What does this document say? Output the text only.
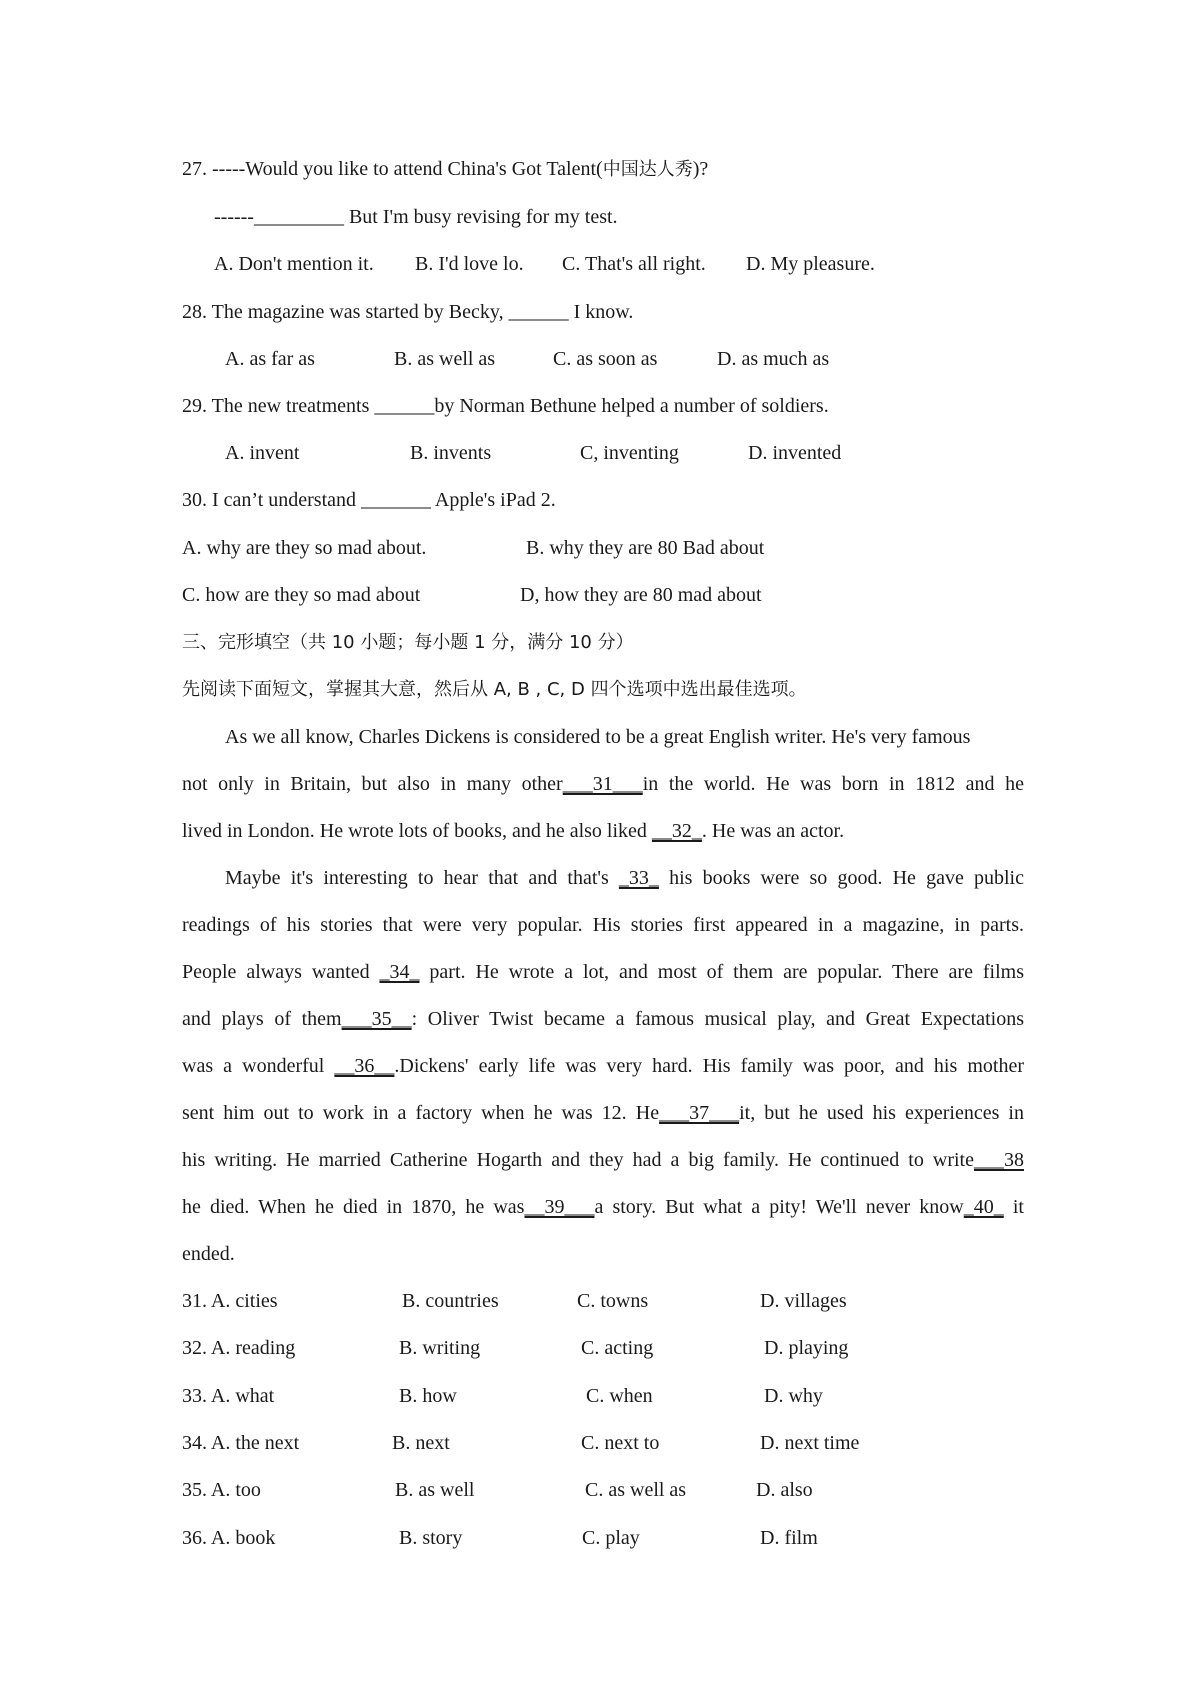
27. -----Would you like to attend China's Got Talent(中国达人秀)?
------_________ But I'm busy revising for my test.
A. Don't mention it. B. I'd love lo. C. That's all right. D. My pleasure.
28. The magazine was started by Becky, ______ I know.
A. as far as	B. as well as	C. as soon as	D. as much as
29. The new treatments ______by Norman Bethune helped a number of soldiers.
A. invent	B. invents	C, inventing	D. invented
30. I can’t understand _______ Apple's iPad 2.
A. why are they so mad about.	B. why they are 80 Bad about
C. how are they so mad about	D, how they are 80 mad about
三、完形填空（共 10 小题；每小题 1 分，满分 10 分）
先阅读下面短文，掌握其大意，然后从 A, B , C, D 四个选项中选出最佳选项。
As we all know, Charles Dickens is considered to be a great English writer. He's very famous
not only in Britain, but also in many other___31___in the world. He was born in 1812 and he
lived in London. He wrote lots of books, and he also liked __32_. He was an actor.
Maybe it's interesting to hear that and that's _33_ his books were so good. He gave public
readings of his stories that were very popular. His stories first appeared in a magazine, in parts.
People always wanted _34_ part. He wrote a lot, and most of them are popular. There are films
and plays of them___35__: Oliver Twist became a famous musical play, and Great Expectations
was a wonderful __36__.Dickens' early life was very hard. His family was poor, and his mother
sent him out to work in a factory when he was 12. He___37___it, but he used his experiences in
his writing. He married Catherine Hogarth and they had a big family. He continued to write___38
he died. When he died in 1870, he was__39___a story. But what a pity! We'll never know_40_ it
ended.
31. A. cities	B. countries	C. towns	D. villages
32. A. reading	B. writing	C. acting	D. playing
33. A. what	B. how	C. when	D. why
34. A. the next	B. next	C. next to	D. next time
35. A. too	B. as well	C. as well as	D. also
36. A. book	B. story	C. play	D. film
